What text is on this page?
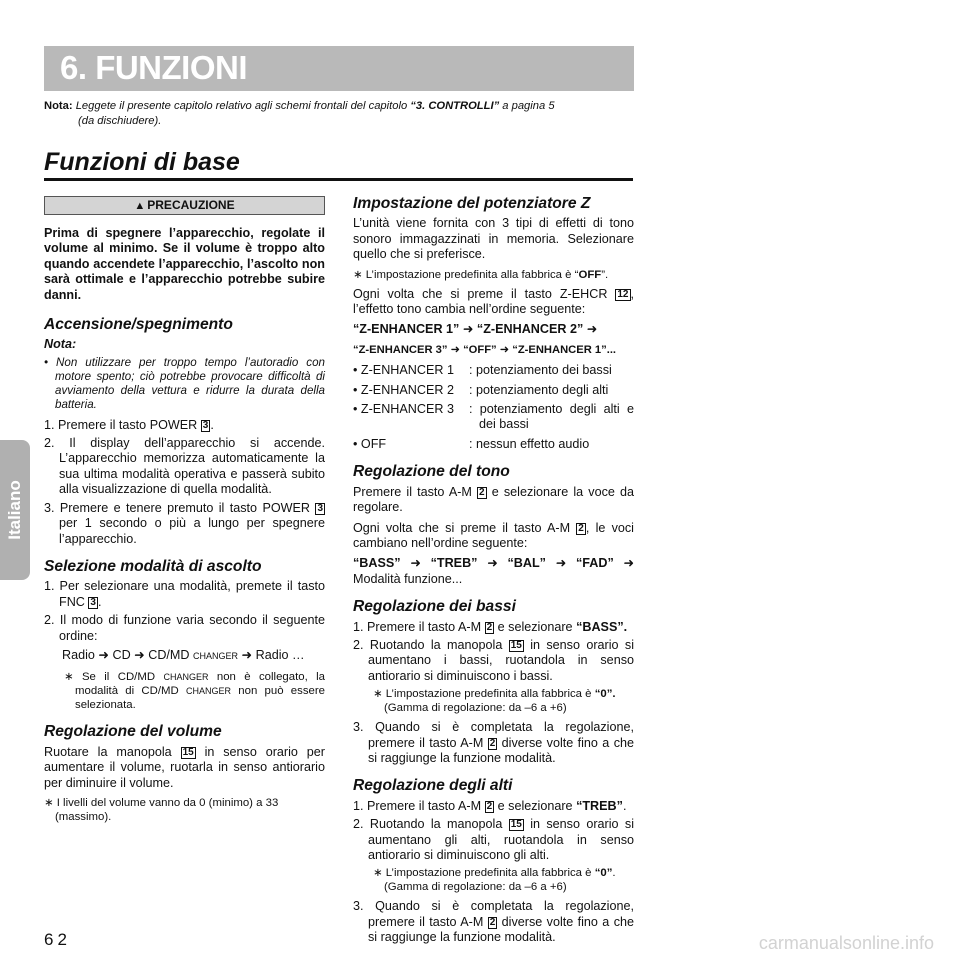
6. FUNZIONI
Nota: Leggete il presente capitolo relativo agli schemi frontali del capitolo “3. CONTROLLI” a pagina 5
(da dischiudere).
Funzioni di base
▲ PRECAUZIONE

Prima di spegnere l’apparecchio, regolate il volume al minimo. Se il volume è troppo alto quando accendete l’apparecchio, l’ascolto non sarà ottimale e l’apparecchio potrebbe subire danni.

Accensione/spegnimento

Nota:

• Non utilizzare per troppo tempo l’autoradio con motore spento; ciò potrebbe provocare difficoltà di avviamento della vettura e ridurre la durata della batteria.

1. Premere il tasto POWER 3 .

2. Il display dell’apparecchio si accende. L’apparecchio memorizza automaticamente la sua ultima modalità operativa e passerà subito alla visualizzazione di quella modalità.

3. Premere e tenere premuto il tasto POWER 3 per 1 secondo o più a lungo per spegnere l’apparecchio.

Selezione modalità di ascolto

1. Per selezionare una modalità, premete il tasto FNC 3 .

2. Il modo di funzione varia secondo il seguente ordine:

Radio ➜ CD ➜ CD/MD CHANGER ➜ Radio …

∗ Se il CD/MD CHANGER non è collegato, la modalità di CD/MD CHANGER non può essere selezionata.

Regolazione del volume

Ruotare la manopola 15 in senso orario per aumentare il volume, ruotarla in senso antiorario per diminuire il volume.

∗ I livelli del volume vanno da 0 (minimo) a 33 (massimo).

Impostazione del potenziatore Z

L’unità viene fornita con 3 tipi di effetti di tono sonoro immagazzinati in memoria. Selezionare quello che si preferisce.

∗ L’impostazione predefinita alla fabbrica è “OFF”.

Ogni volta che si preme il tasto Z-EHCR 12 , l’effetto tono cambia nell’ordine seguente:

“Z-ENHANCER 1” ➜ “Z-ENHANCER 2” ➜

“Z-ENHANCER 3” ➜ “OFF” ➜ “Z-ENHANCER 1”...

• Z-ENHANCER 1	: potenziamento dei bassi
• Z-ENHANCER 2	: potenziamento degli alti
• Z-ENHANCER 3	: potenziamento degli alti e dei bassi
• OFF	: nessun effetto audio
Regolazione del tono

Premere il tasto A-M 2 e selezionare la voce da regolare.

Ogni volta che si preme il tasto A-M 2 , le voci cambiano nell’ordine seguente:

“BASS” ➜ “TREB” ➜ “BAL” ➜ “FAD” ➜

Modalità funzione...

Regolazione dei bassi

1. Premere il tasto A-M 2 e selezionare “BASS”.

2. Ruotando la manopola 15 in senso orario si aumentano i bassi, ruotandola in senso antiorario si diminuiscono i bassi.

∗ L’impostazione predefinita alla fabbrica è “0”.
(Gamma di regolazione: da –6 a +6)

3. Quando si è completata la regolazione, premere il tasto A-M 2 diverse volte fino a che si raggiunge la funzione modalità.

Regolazione degli alti

1. Premere il tasto A-M 2 e selezionare “TREB”.

2. Ruotando la manopola 15 in senso orario si aumentano gli alti, ruotandola in senso antiorario si diminuiscono gli alti.

∗ L’impostazione predefinita alla fabbrica è “0”.
(Gamma di regolazione: da –6 a +6)

3. Quando si è completata la regolazione, premere il tasto A-M 2 diverse volte fino a che si raggiunge la funzione modalità.

Italiano
62	carmanualsonline.info
